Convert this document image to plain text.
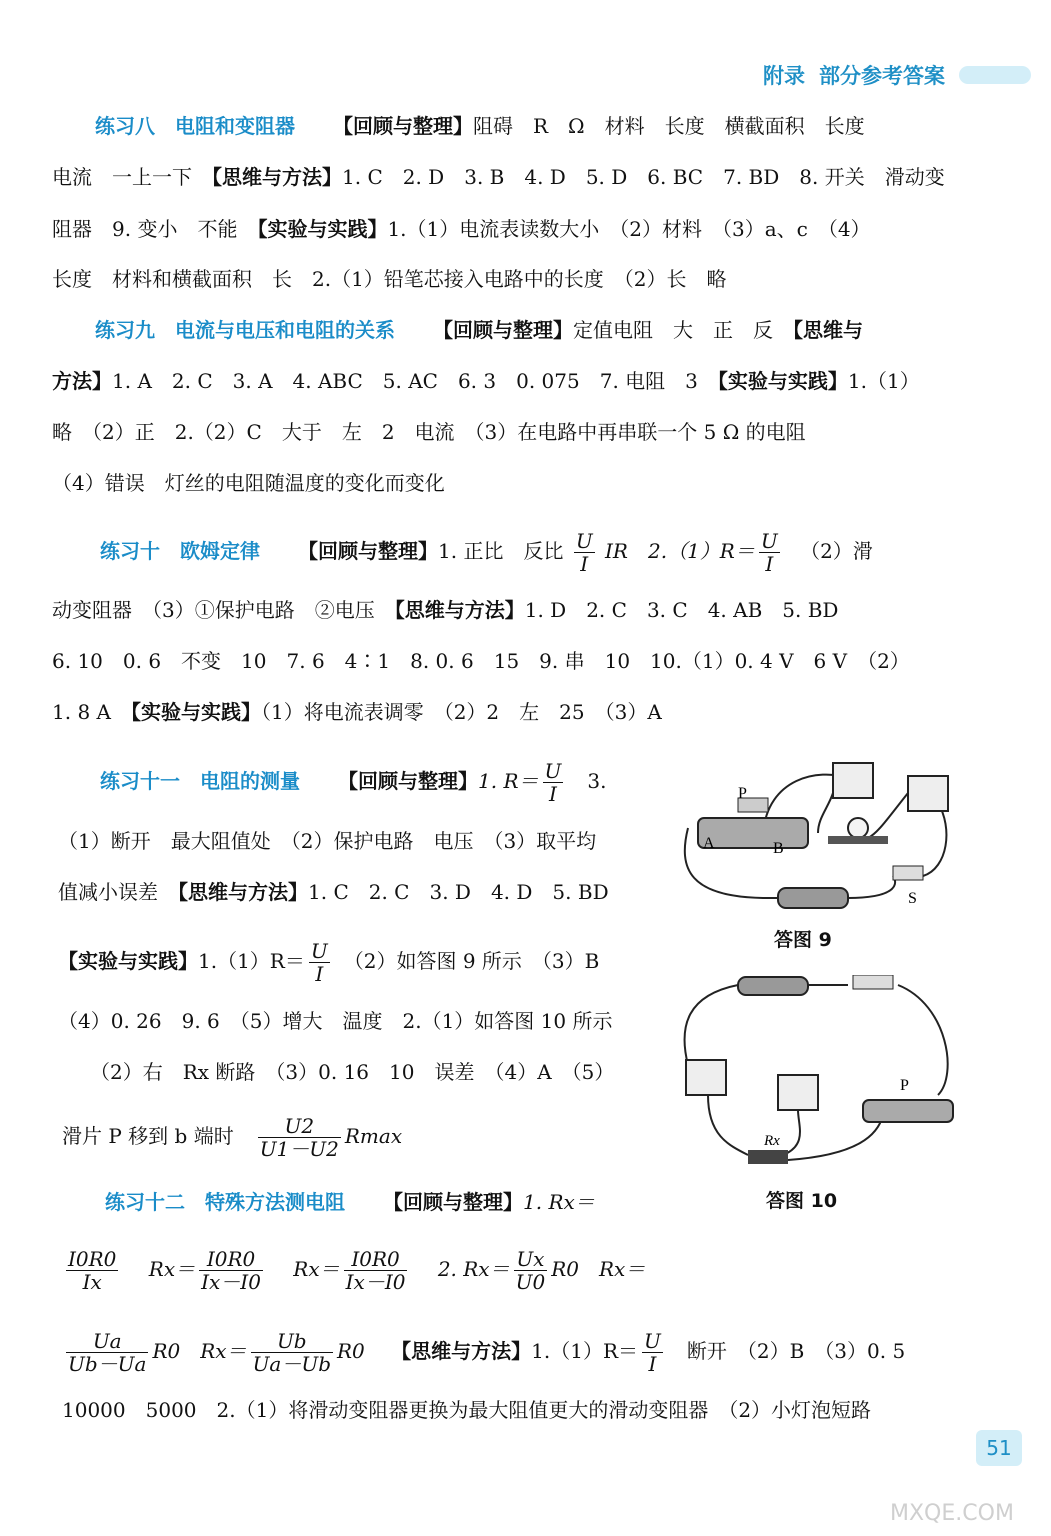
附录 部分参考答案
练习八 电阻和变阻器 【回顾与整理】阻碍　R　Ω　材料　长度　横截面积　长度
电流　一上一下　 【思维与方法】1. C　2. D　3. B　4. D　5. D　6. BC　7. BD　8. 开关　滑动变
阻器　9. 变小　不能　 【实验与实践】1.（1）电流表读数大小　（2）材料　（3）a、c　（4）
长度　材料和横截面积　长　2.（1）铅笔芯接入电路中的长度　（2）长　略
练习九 电流与电压和电阻的关系 【回顾与整理】定值电阻　大　正　反　 【思维与
方法】1. A　2. C　3. A　4. ABC　5. AC　6. 3　0. 075　7. 电阻　3　 【实验与实践】1.（1）
略　（2）正　2.（2）C　大于　左　2　电流　（3）在电路中再串联一个 5 Ω 的电阻
（4）错误　灯丝的电阻随温度的变化而变化
练习十 欧姆定律 【回顾与整理】1. 正比　反比 $\frac{U}{I}$ IR　$2.(1)R= \frac{U}{I}$
　 （2）滑
动变阻器　（3）①保护电路　②电压　 【思维与方法】1. D　2. C　3. C　4. AB　5. BD
6. 10　0. 6　不变　10　7. 6　4∶1　8. 0. 6　15　9. 串　10　10.（1）0. 4 V　6 V　（2）
1. 8 A　 【实验与实践】（1）将电流表调零　（2）2　左　25　（3）A
练习十一 电阻的测量 【回顾与整理】1. $R= \frac{U}{I}$
　 3.
（1）断开　最大阻值处　（2）保护电路　电压　（3）取平均
值减小误差　 【思维与方法】1. C　2. C　3. D　4. D　5. BD
【实验与实践】$1.(1)R= \frac{U}{I}$
　 （2）如答图 9 所示　（3）B
（4）0. 26　9. 6　（5）增大　温度　2.（1）如答图 10 所示
（2）右　Rx 断路　（3）0. 16　10　误差　（4）A　（5）
滑片 P 移到 b 端时　 $\frac{U2}{U1-U2}$ Rmax
练习十二 特殊方法测电阻 【回顾与整理】1. Rx＝
$\frac{I0R0}{Ix}$
　 $Rx= \frac{I0R0}{Ix-I0}$
　 $Rx= \frac{I0R0}{Ix-I0}$
　 2. $Rx= \frac{Ux}{U0} R0$　Rx＝
$\frac{Ua}{Ub-Ua} R0$　$Rx= \frac{Ub}{Ua-Ub} R0$　 【思维与方法】$1.(1)R= \frac{U}{I}$
　 断开　（2）B　（3）0. 5
10000　5000　2.（1）将滑动变阻器更换为最大阻值更大的滑动变阻器　（2）小灯泡短路
P
A	B
S
答图 9
P
Rx
答图 10
51
MXQE.COM
